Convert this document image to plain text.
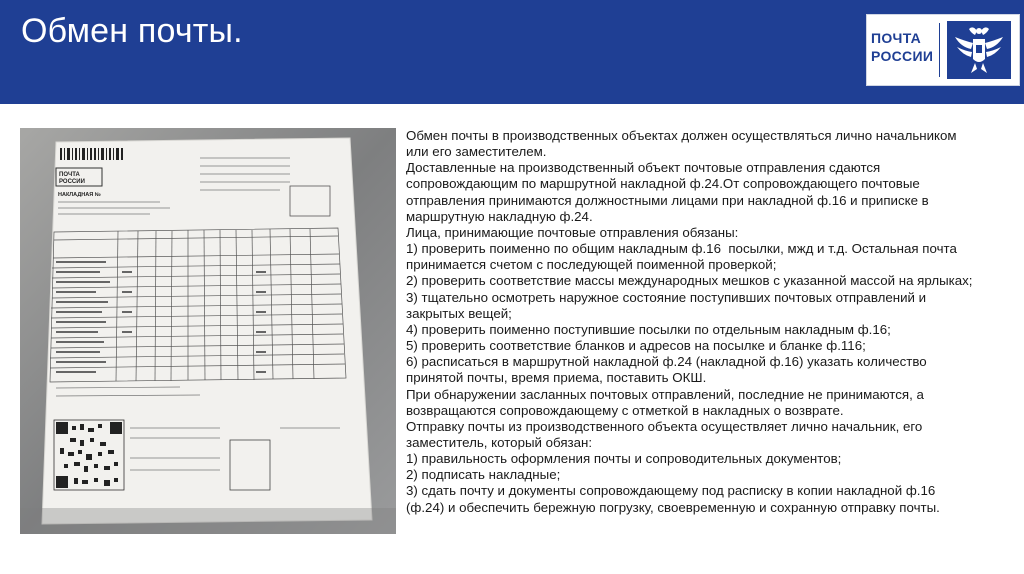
Обмен почты.	ПОЧТА
РОССИИ
ПОЧТА
РОССИИ
НАКЛАДНАЯ №
Обмен почты в производственных объектах должен осуществляться лично начальником
или его заместителем.
Доставленные на производственный объект почтовые отправления сдаются
сопровождающим по маршрутной накладной ф.24.От сопровождающего почтовые
отправления принимаются должностными лицами при накладной ф.16 и приписке в
маршрутную накладную ф.24.
Лица, принимающие почтовые отправления обязаны:
1) проверить поименно по общим накладным ф.16  посылки, мжд и т.д. Остальная почта
принимается счетом с последующей поименной проверкой;
2) проверить соответствие массы международных мешков с указанной массой на ярлыках;
3) тщательно осмотреть наружное состояние поступивших почтовых отправлений и
закрытых вещей;
4) проверить поименно поступившие посылки по отдельным накладным ф.16;
5) проверить соответствие бланков и адресов на посылке и бланке ф.116;
6) расписаться в маршрутной накладной ф.24 (накладной ф.16) указать количество
принятой почты, время приема, поставить ОКШ.
При обнаружении засланных почтовых отправлений, последние не принимаются, а
возвращаются сопровождающему с отметкой в накладных о возврате.
Отправку почты из производственного объекта осуществляет лично начальник, его
заместитель, который обязан:
1) правильность оформления почты и сопроводительных документов;
2) подписать накладные;
3) сдать почту и документы сопровождающему под расписку в копии накладной ф.16
(ф.24) и обеспечить бережную погрузку, своевременную и сохранную отправку почты.
